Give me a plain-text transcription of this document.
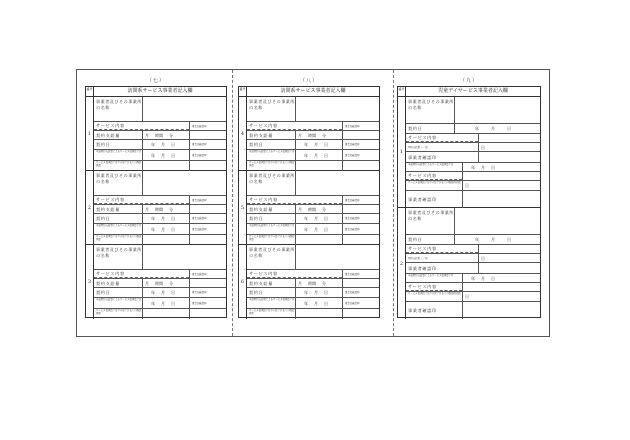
（七）
番号	訪問系サービス事業者記入欄
1
事業者及びその事業所の名称
サービス内容	事業者確認印
契約支給量	月 時間 分
契約日	年 月 日	事業者確認印
当該契約支給量によるサービス提供終了日
年 月 日	事業者確認印
サービス提供終了月中の終了日までの既提供量
2
事業者及びその事業所の名称
サービス内容	事業者確認印
契約支給量	月 時間 分
契約日	年 月 日	事業者確認印
当該契約支給量によるサービス提供終了日
年 月 日	事業者確認印
サービス提供終了月中の終了日までの既提供量
3
事業者及びその事業所の名称
サービス内容	事業者確認印
契約支給量	月 時間 分
契約日	年 月 日	事業者確認印
当該契約支給量によるサービス提供終了日
年 月 日	事業者確認印
サービス提供終了月中の終了日までの既提供量
（八）
番号	訪問系サービス事業者記入欄
4
事業者及びその事業所の名称
サービス内容	事業者確認印
契約支給量	月 時間 分
契約日	年 月 日	事業者確認印
当該契約支給量によるサービス提供終了日
年 月 日	事業者確認印
サービス提供終了月中の終了日までの既提供量
5
事業者及びその事業所の名称
サービス内容	事業者確認印
契約支給量	月 時間 分
契約日	年 月 日	事業者確認印
当該契約支給量によるサービス提供終了日
年 月 日	事業者確認印
サービス提供終了月中の終了日までの既提供量
6
事業者及びその事業所の名称
サービス内容	事業者確認印
契約支給量	月 時間 分
契約日	年 月 日	事業者確認印
当該契約支給量によるサービス提供終了日
年 月 日	事業者確認印
サービス提供終了月中の終了日までの既提供量
（九）
番号	児童デイサービス事業者記入欄
1
事業者及びその事業所の名称
契約日	年	月	日
サービス内容
契約支給量（／月）	日
事業者確認印
当該契約支給量によるサービス提供終了日	年 月 日
サービス内容
サービス提供終了月中の終了日までの既提供日数
日
事業者確認印
2
事業者及びその事業所の名称
契約日	年	月	日
サービス内容
契約支給量（／月）	日
事業者確認印
当該契約支給量によるサービス提供終了日	年 月 日
サービス内容
サービス提供終了月中の終了日までの既提供日数
日
事業者確認印
